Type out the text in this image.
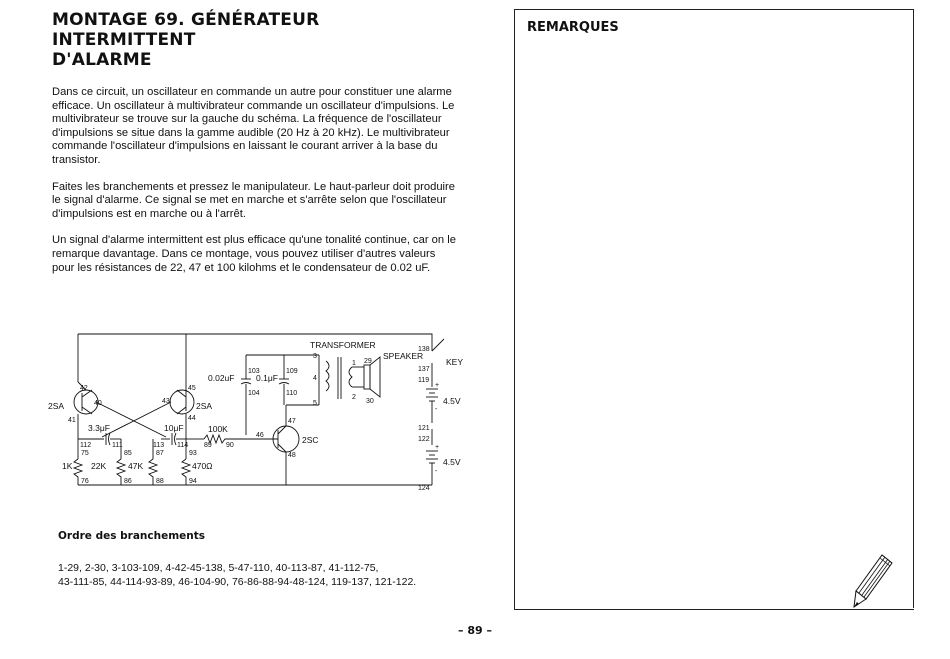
MONTAGE 69. GÉNÉRATEUR INTERMITTENT
D'ALARME

Dans ce circuit, un oscillateur en commande un autre pour constituer une alarme efficace. Un oscillateur à multivibrateur commande un oscillateur d'impulsions. Le multivibrateur se trouve sur la gauche du schéma. La fréquence de l'oscillateur d'impulsions se situe dans la gamme audible (20 Hz à 20 kHz). Le multivibrateur commande l'oscillateur d'impulsions en laissant le courant arriver à la base du transistor.

Faites les branchements et pressez le manipulateur. Le haut-parleur doit produire le signal d'alarme. Ce signal se met en marche et s'arrête selon que l'oscillateur d'impulsions est en marche ou à l'arrêt.

Un signal d'alarme intermittent est plus efficace qu'une tonalité continue, car on le remarque davantage. Dans ce montage, vous pouvez utiliser d'autres valeurs pour les résistances de 22, 47 et 100 kilohms et le condensateur de 0.02 uF.

TRANSFORMER
SPEAKER
KEY
2SA	2SA
2SC
3.3μF	10μF
0.02uF	0.1μF
1K 22K	47K	470Ω
100K
4.5V
4.5V
+
-
+
-
3
4
5
1
2
29
30
40
41
42
43
44
45
46
47
48
75
76
85
86
87
88
89 90
93
94
103
104
109
110
111
112	113 114
119
121
122
124
137
138
Ordre des branchements
1-29, 2-30, 3-103-109, 4-42-45-138, 5-47-110, 40-113-87, 41-112-75,
43-111-85, 44-114-93-89, 46-104-90, 76-86-88-94-48-124, 119-137, 121-122.
REMARQUES
– 89 –
